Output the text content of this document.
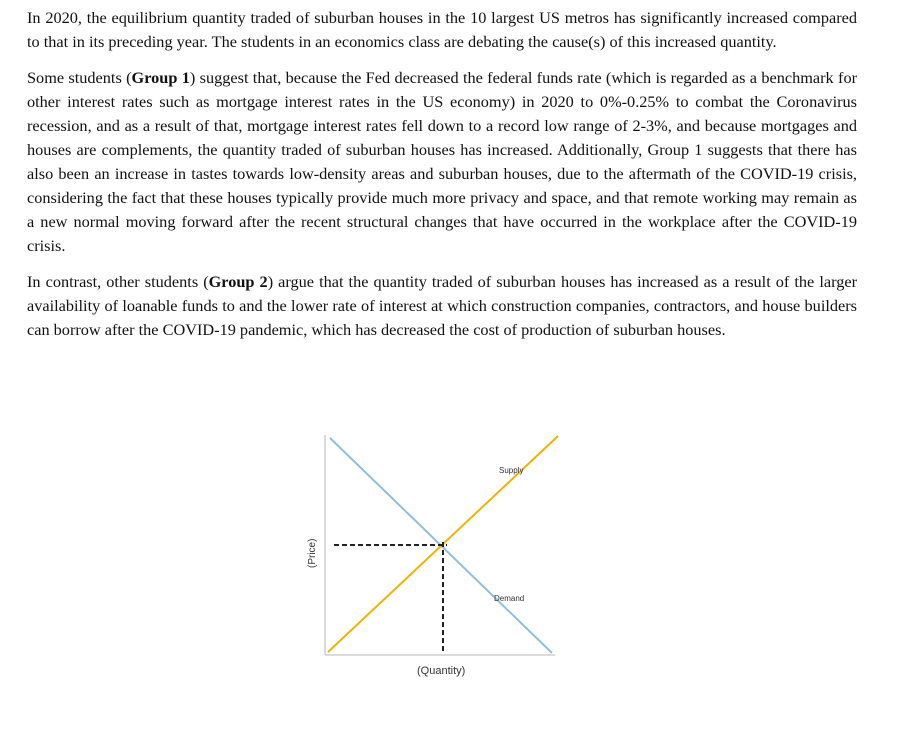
In 2020, the equilibrium quantity traded of suburban houses in the 10 largest US metros has significantly increased compared to that in its preceding year. The students in an economics class are debating the cause(s) of this increased quantity.

Some students (Group 1) suggest that, because the Fed decreased the federal funds rate (which is regarded as a benchmark for other interest rates such as mortgage interest rates in the US economy) in 2020 to 0%-0.25% to combat the Coronavirus recession, and as a result of that, mortgage interest rates fell down to a record low range of 2-3%, and because mortgages and houses are complements, the quantity traded of suburban houses has increased. Additionally, Group 1 suggests that there has also been an increase in tastes towards low-density areas and suburban houses, due to the aftermath of the COVID-19 crisis, considering the fact that these houses typically provide much more privacy and space, and that remote working may remain as a new normal moving forward after the recent structural changes that have occurred in the workplace after the COVID-19 crisis.

In contrast, other students (Group 2) argue that the quantity traded of suburban houses has increased as a result of the larger availability of loanable funds to and the lower rate of interest at which construction companies, contractors, and house builders can borrow after the COVID-19 pandemic, which has decreased the cost of production of suburban houses.

Supply
Demand
(Price)
(Quantity)
